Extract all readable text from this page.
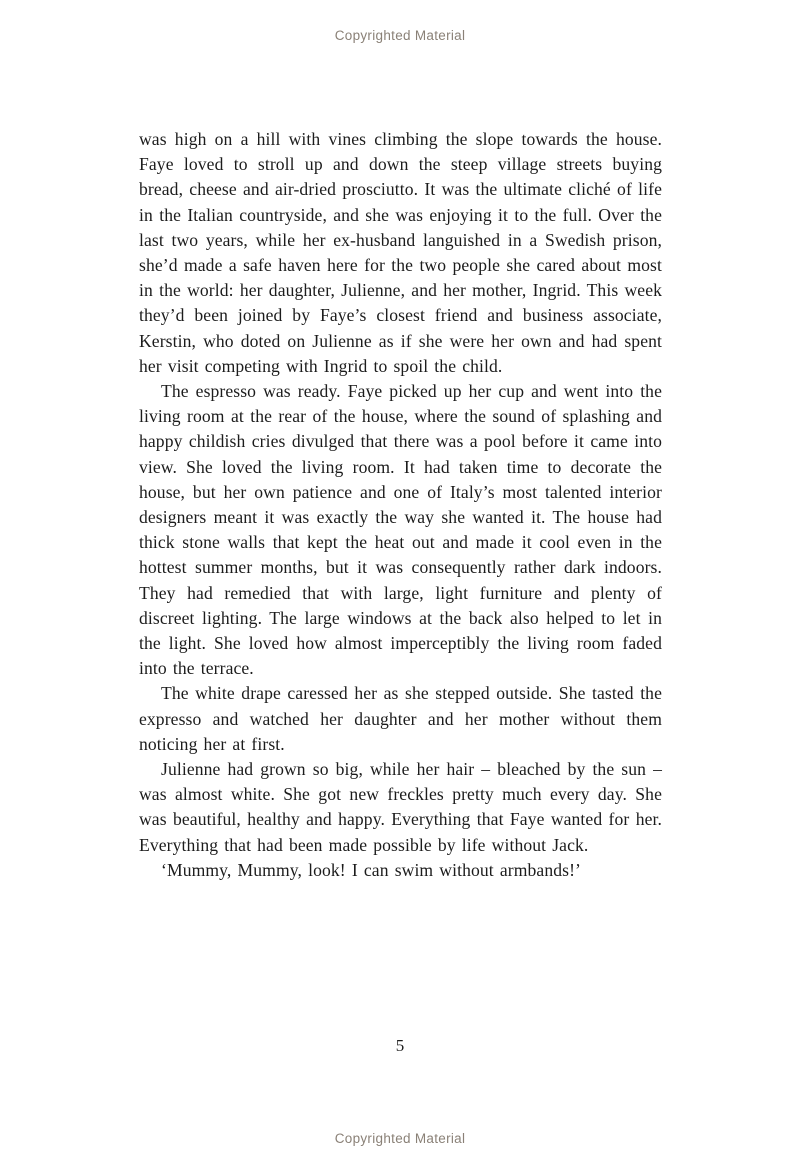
Copyrighted Material

was high on a hill with vines climbing the slope towards the house. Faye loved to stroll up and down the steep village streets buying bread, cheese and air-dried prosciutto. It was the ultimate cliché of life in the Italian countryside, and she was enjoying it to the full. Over the last two years, while her ex-husband languished in a Swedish prison, she’d made a safe haven here for the two people she cared about most in the world: her daughter, Julienne, and her mother, Ingrid. This week they’d been joined by Faye’s closest friend and business associate, Kerstin, who doted on Julienne as if she were her own and had spent her visit competing with Ingrid to spoil the child.

The espresso was ready. Faye picked up her cup and went into the living room at the rear of the house, where the sound of splashing and happy childish cries divulged that there was a pool before it came into view. She loved the living room. It had taken time to decorate the house, but her own patience and one of Italy’s most talented interior designers meant it was exactly the way she wanted it. The house had thick stone walls that kept the heat out and made it cool even in the hottest summer months, but it was consequently rather dark indoors. They had remedied that with large, light furniture and plenty of discreet lighting. The large windows at the back also helped to let in the light. She loved how almost imperceptibly the living room faded into the terrace.

The white drape caressed her as she stepped outside. She tasted the expresso and watched her daughter and her mother without them noticing her at first.

Julienne had grown so big, while her hair – bleached by the sun – was almost white. She got new freckles pretty much every day. She was beautiful, healthy and happy. Everything that Faye wanted for her. Everything that had been made possible by life without Jack.

‘Mummy, Mummy, look! I can swim without armbands!’

5
Copyrighted Material
